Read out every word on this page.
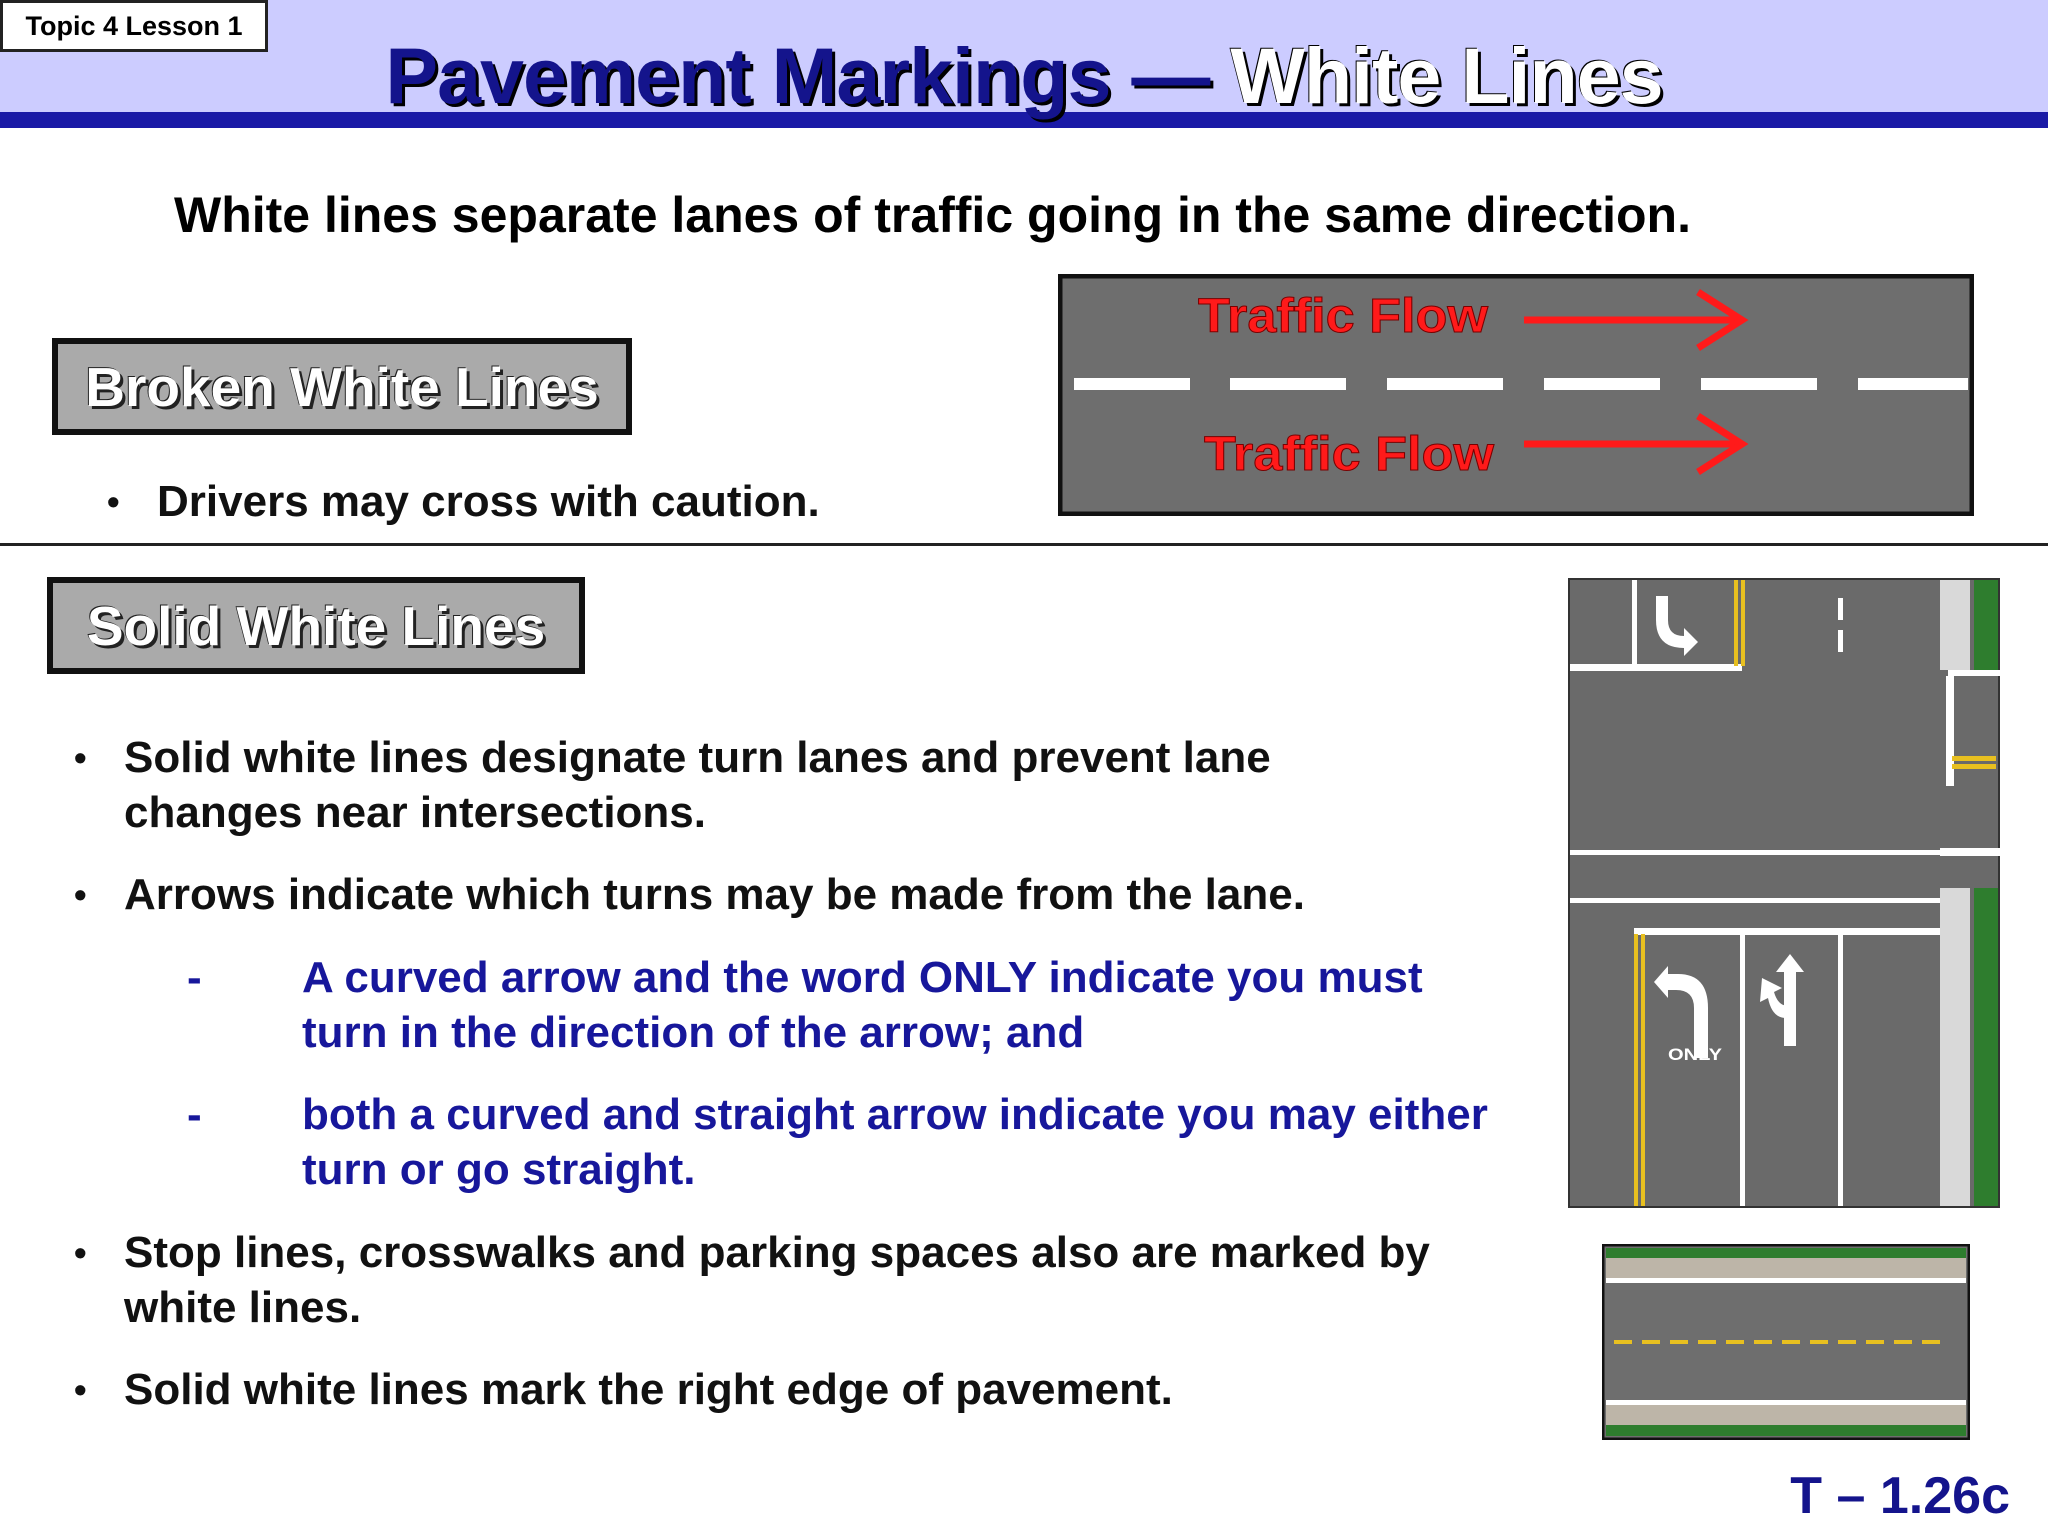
Topic 4 Lesson 1
Pavement Markings — White Lines
White lines separate lanes of traffic going in the same direction.
Broken White Lines
• Drivers may cross with caution.
Traffic Flow
Traffic Flow
Solid White Lines
• Solid white lines designate turn lanes and prevent lane changes near intersections.
• Arrows indicate which turns may be made from the lane.
- A curved arrow and the word ONLY indicate you must turn in the direction of the arrow; and
- both a curved and straight arrow indicate you may either turn or go straight.
• Stop lines, crosswalks and parking spaces also are marked by white lines.
• Solid white lines mark the right edge of pavement.
ONLY
T – 1.26c
